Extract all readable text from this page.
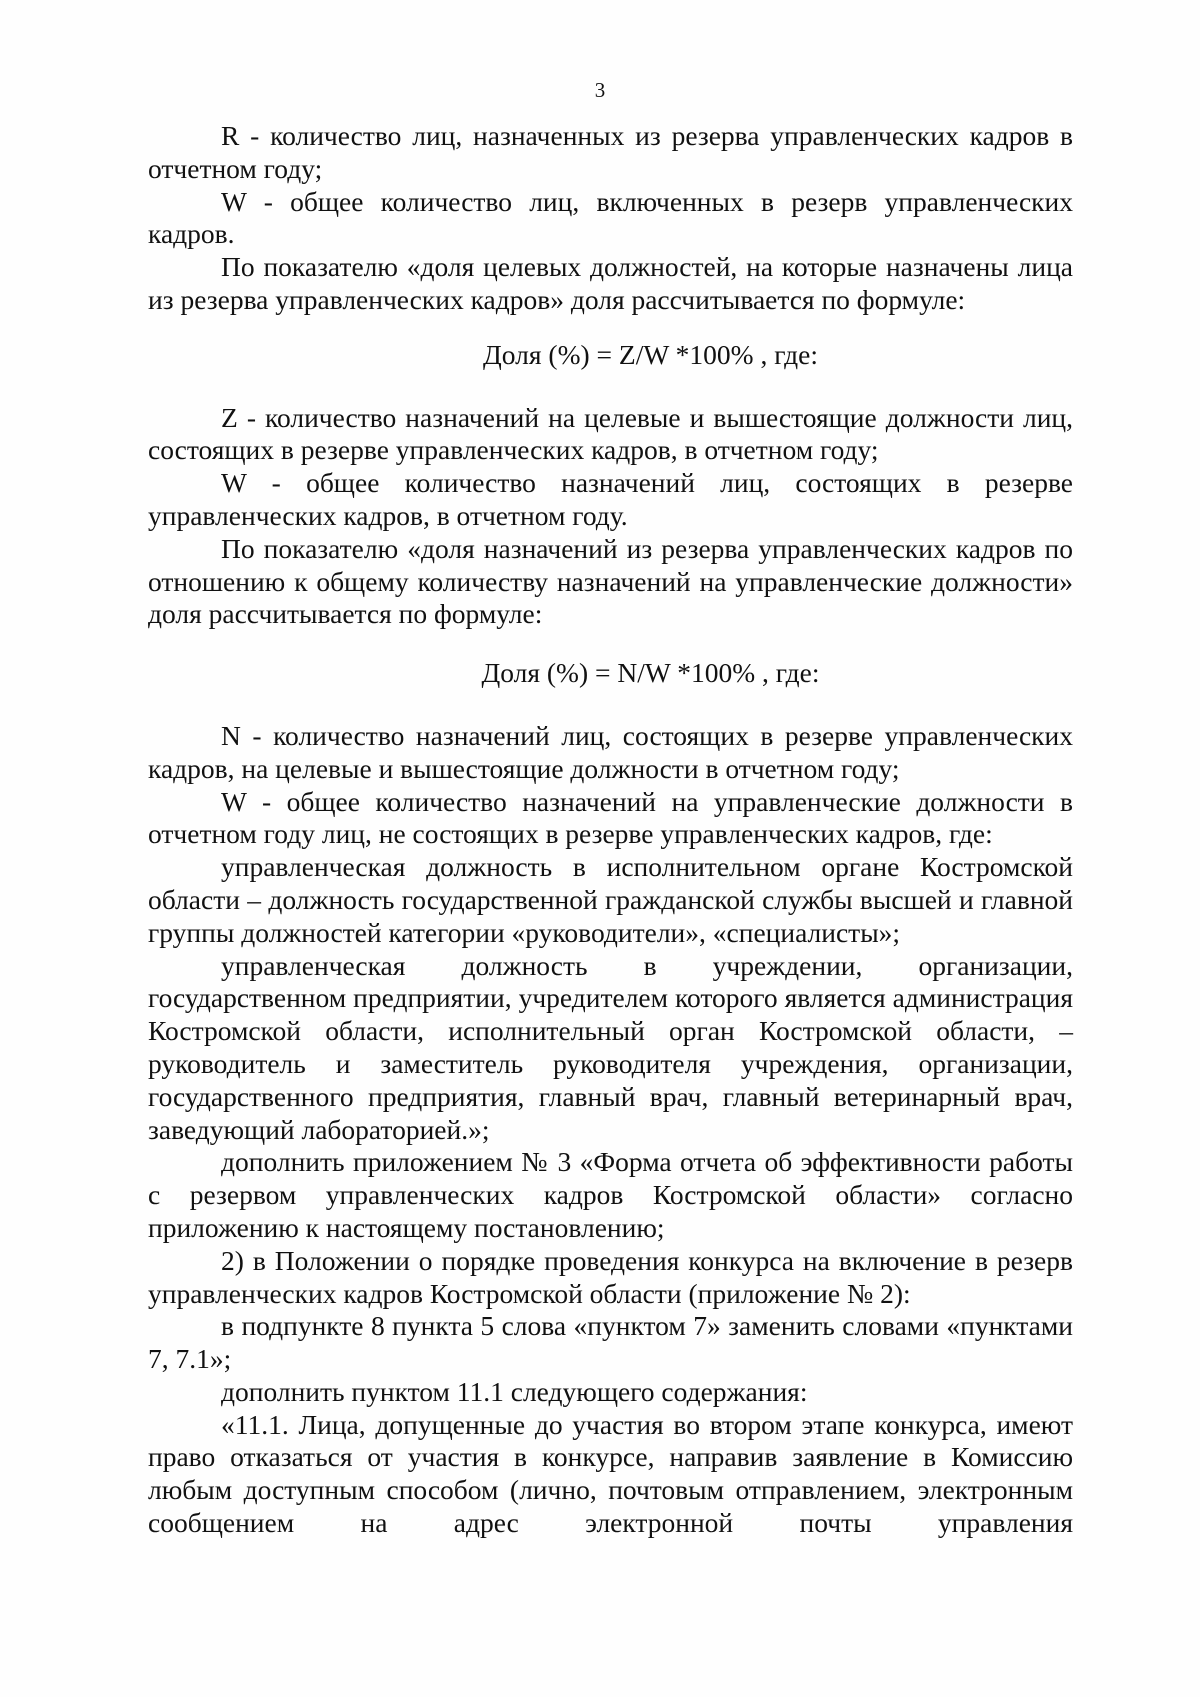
3

R - количество лиц, назначенных из резерва управленческих кадров в отчетном году;

W - общее количество лиц, включенных в резерв управленческих кадров.

По показателю «доля целевых должностей, на которые назначены лица из резерва управленческих кадров» доля рассчитывается по формуле:

Доля (%) = Z/W *100% , где:

Z - количество назначений на целевые и вышестоящие должности лиц, состоящих в резерве управленческих кадров, в отчетном году;

W - общее количество назначений лиц, состоящих в резерве управленческих кадров, в отчетном году.

По показателю «доля назначений из резерва управленческих кадров по отношению к общему количеству назначений на управленческие должности» доля рассчитывается по формуле:

Доля (%) = N/W *100% , где:

N - количество назначений лиц, состоящих в резерве управленческих кадров, на целевые и вышестоящие должности в отчетном году;

W - общее количество назначений на управленческие должности в отчетном году лиц, не состоящих в резерве управленческих кадров, где:

управленческая должность в исполнительном органе Костромской области – должность государственной гражданской службы высшей и главной группы должностей категории «руководители», «специалисты»;

управленческая должность в учреждении, организации, государственном предприятии, учредителем которого является администрация Костромской области, исполнительный орган Костромской области, – руководитель и заместитель руководителя учреждения, организации, государственного предприятия, главный врач, главный ветеринарный врач, заведующий лабораторией.»;

дополнить приложением № 3 «Форма отчета об эффективности работы с резервом управленческих кадров Костромской области» согласно приложению к настоящему постановлению;

2) в Положении о порядке проведения конкурса на включение в резерв управленческих кадров Костромской области (приложение № 2):

в подпункте 8 пункта 5 слова «пунктом 7» заменить словами «пунктами 7, 7.1»;

дополнить пунктом 11.1 следующего содержания:

«11.1. Лица, допущенные до участия во втором этапе конкурса, имеют право отказаться от участия в конкурсе, направив заявление в Комиссию любым доступным способом (лично, почтовым отправлением, электронным сообщением на адрес электронной почты управления
